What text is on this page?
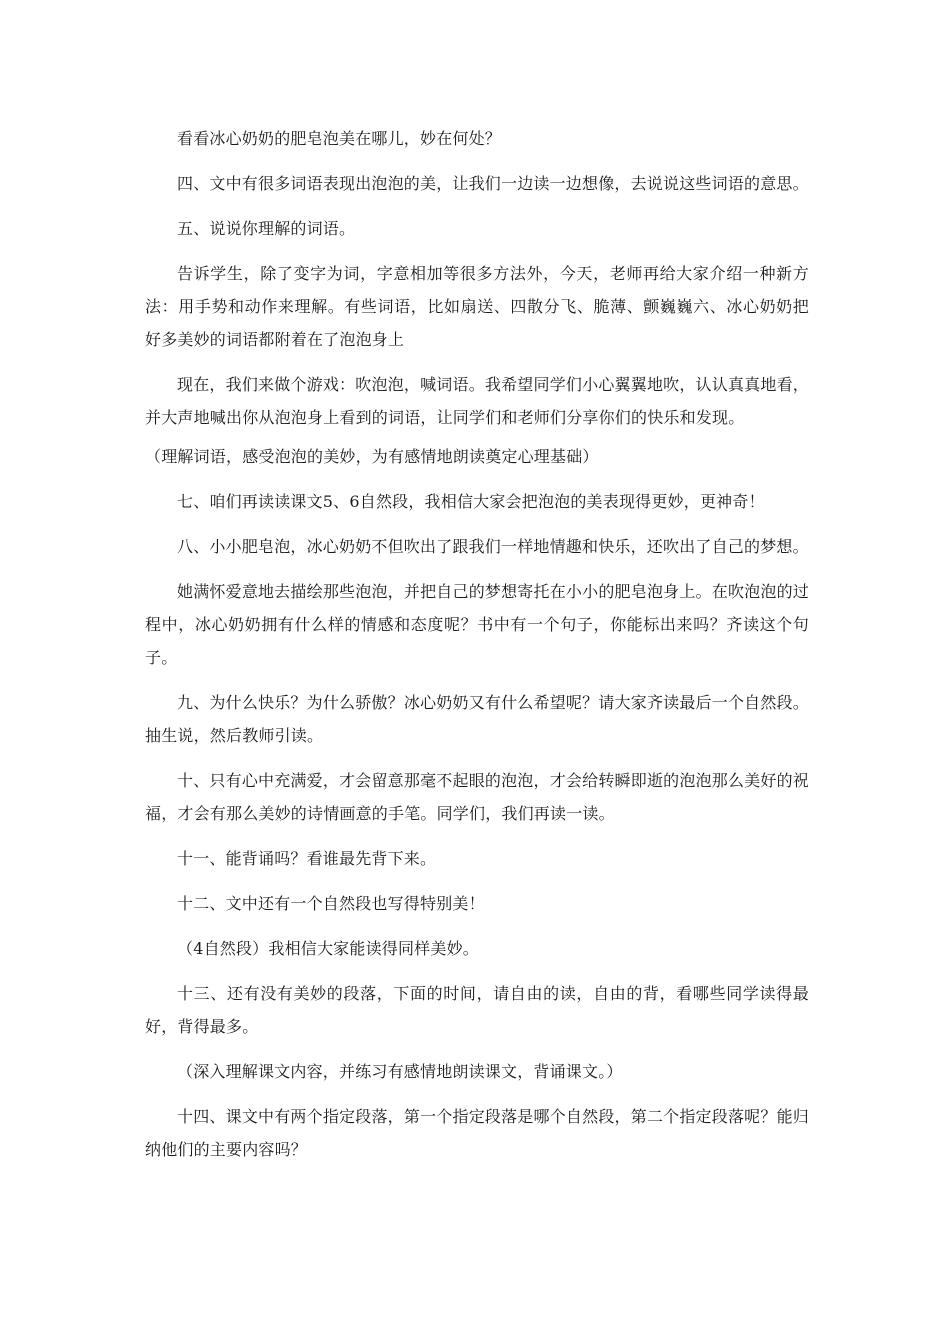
看看冰心奶奶的肥皂泡美在哪儿，妙在何处？

四、文中有很多词语表现出泡泡的美，让我们一边读一边想像，去说说这些词语的意思。

五、说说你理解的词语。

告诉学生，除了变字为词，字意相加等很多方法外，今天，老师再给大家介绍一种新方法：用手势和动作来理解。有些词语，比如扇送、四散分飞、脆薄、颤巍巍六、冰心奶奶把好多美妙的词语都附着在了泡泡身上

现在，我们来做个游戏：吹泡泡，喊词语。我希望同学们小心翼翼地吹，认认真真地看，并大声地喊出你从泡泡身上看到的词语，让同学们和老师们分享你们的快乐和发现。

（理解词语，感受泡泡的美妙，为有感情地朗读奠定心理基础）

七、咱们再读读课文5、6自然段，我相信大家会把泡泡的美表现得更妙，更神奇！

八、小小肥皂泡，冰心奶奶不但吹出了跟我们一样地情趣和快乐，还吹出了自己的梦想。

她满怀爱意地去描绘那些泡泡，并把自己的梦想寄托在小小的肥皂泡身上。在吹泡泡的过程中，冰心奶奶拥有什么样的情感和态度呢？书中有一个句子，你能标出来吗？齐读这个句子。

九、为什么快乐？为什么骄傲？冰心奶奶又有什么希望呢？请大家齐读最后一个自然段。抽生说，然后教师引读。

十、只有心中充满爱，才会留意那毫不起眼的泡泡，才会给转瞬即逝的泡泡那么美好的祝福，才会有那么美妙的诗情画意的手笔。同学们，我们再读一读。

十一、能背诵吗？看谁最先背下来。

十二、文中还有一个自然段也写得特别美！

（4自然段）我相信大家能读得同样美妙。

十三、还有没有美妙的段落，下面的时间，请自由的读，自由的背，看哪些同学读得最好，背得最多。

（深入理解课文内容，并练习有感情地朗读课文，背诵课文。）

十四、课文中有两个指定段落，第一个指定段落是哪个自然段，第二个指定段落呢？能归纳他们的主要内容吗？
